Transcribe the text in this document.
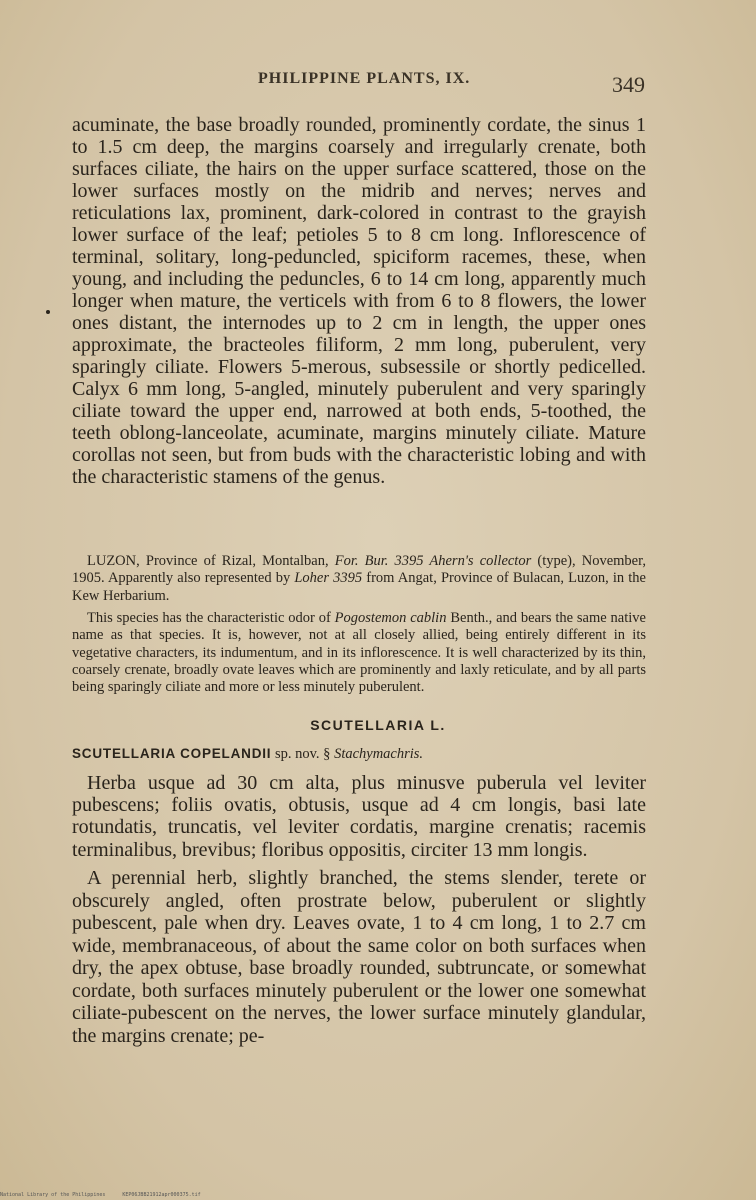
PHILIPPINE PLANTS, IX.	349

acuminate, the base broadly rounded, prominently cordate, the sinus 1 to 1.5 cm deep, the margins coarsely and irregularly crenate, both surfaces ciliate, the hairs on the upper surface scattered, those on the lower surfaces mostly on the midrib and nerves; nerves and reticulations lax, prominent, dark-colored in contrast to the grayish lower surface of the leaf; petioles 5 to 8 cm long. Inflorescence of terminal, solitary, long-peduncled, spiciform racemes, these, when young, and including the peduncles, 6 to 14 cm long, apparently much longer when mature, the verticels with from 6 to 8 flowers, the lower ones distant, the internodes up to 2 cm in length, the upper ones approximate, the bracteoles filiform, 2 mm long, puberulent, very sparingly ciliate. Flowers 5-merous, subsessile or shortly pedicelled. Calyx 6 mm long, 5-angled, minutely puberulent and very sparingly ciliate toward the upper end, narrowed at both ends, 5-toothed, the teeth oblong-lanceolate, acuminate, margins minutely ciliate. Mature corollas not seen, but from buds with the characteristic lobing and with the characteristic stamens of the genus.

LUZON, Province of Rizal, Montalban, For. Bur. 3395 Ahern's collector (type), November, 1905. Apparently also represented by Loher 3395 from Angat, Province of Bulacan, Luzon, in the Kew Herbarium.

This species has the characteristic odor of Pogostemon cablin Benth., and bears the same native name as that species. It is, however, not at all closely allied, being entirely different in its vegetative characters, its indumentum, and in its inflorescence. It is well characterized by its thin, coarsely crenate, broadly ovate leaves which are prominently and laxly reticulate, and by all parts being sparingly ciliate and more or less minutely puberulent.

SCUTELLARIA L.
SCUTELLARIA COPELANDII sp. nov. § Stachymachris.

Herba usque ad 30 cm alta, plus minusve puberula vel leviter pubescens; foliis ovatis, obtusis, usque ad 4 cm longis, basi late rotundatis, truncatis, vel leviter cordatis, margine crenatis; racemis terminalibus, brevibus; floribus oppositis, circiter 13 mm longis.

A perennial herb, slightly branched, the stems slender, terete or obscurely angled, often prostrate below, puberulent or slightly pubescent, pale when dry. Leaves ovate, 1 to 4 cm long, 1 to 2.7 cm wide, membranaceous, of about the same color on both surfaces when dry, the apex obtuse, base broadly rounded, subtruncate, or somewhat cordate, both surfaces minutely puberulent or the lower one somewhat ciliate-pubescent on the nerves, the lower surface minutely glandular, the margins crenate; pe-

National Library of the Philippines	KEP06JBB21912apr000375.tif
